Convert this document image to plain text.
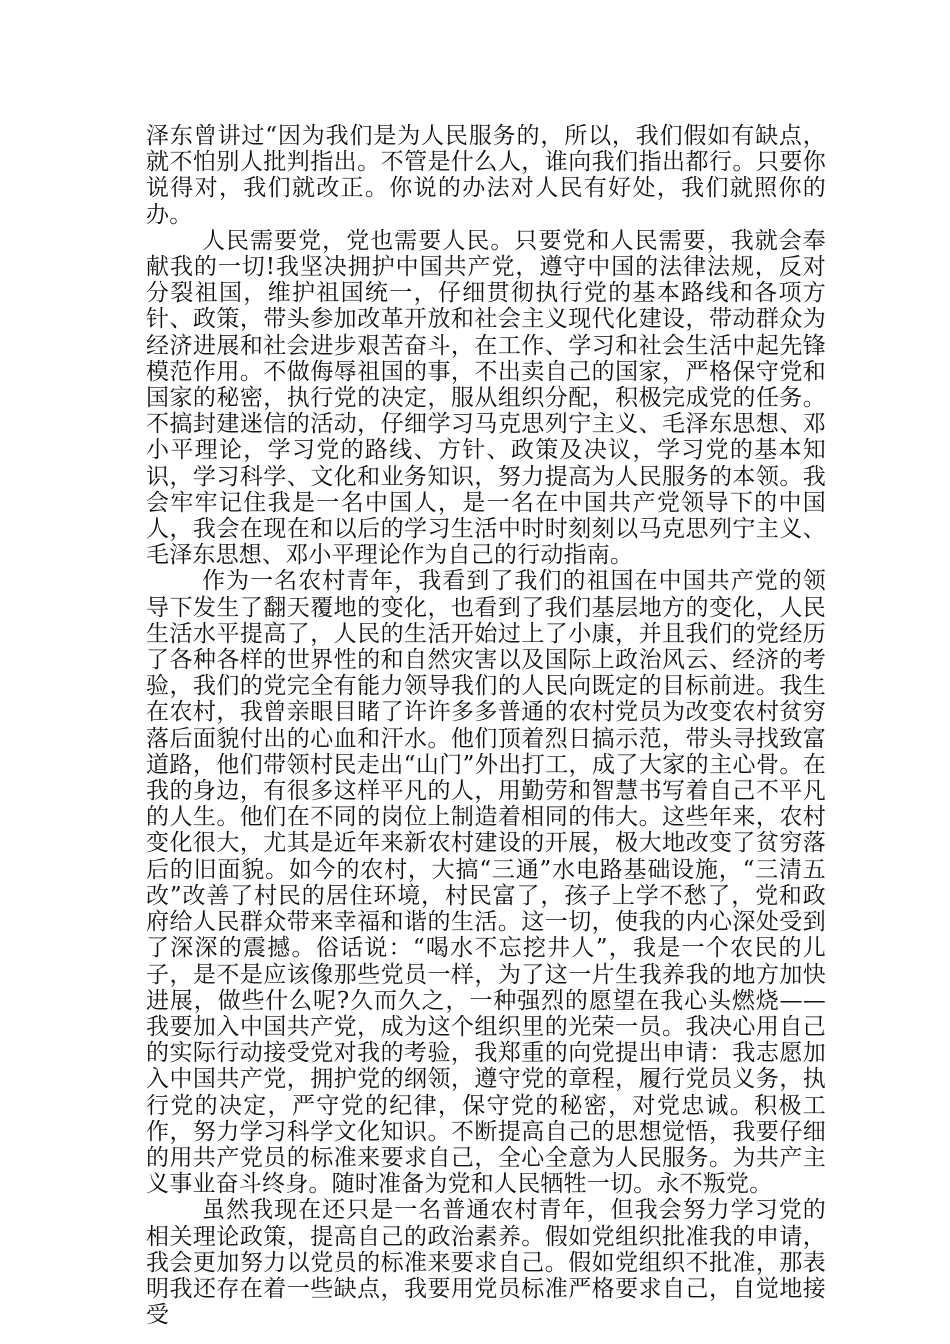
泽东曾讲过“因为我们是为人民服务的，所以，我们假如有缺点，就不怕别人批判指出。不管是什么人，谁向我们指出都行。只要你说得对，我们就改正。你说的办法对人民有好处，我们就照你的办。

人民需要党，党也需要人民。只要党和人民需要，我就会奉献我的一切!我坚决拥护中国共产党，遵守中国的法律法规，反对分裂祖国，维护祖国统一，仔细贯彻执行党的基本路线和各项方针、政策，带头参加改革开放和社会主义现代化建设，带动群众为经济进展和社会进步艰苦奋斗，在工作、学习和社会生活中起先锋模范作用。不做侮辱祖国的事，不出卖自己的国家，严格保守党和国家的秘密，执行党的决定，服从组织分配，积极完成党的任务。不搞封建迷信的活动，仔细学习马克思列宁主义、毛泽东思想、邓小平理论，学习党的路线、方针、政策及决议，学习党的基本知识，学习科学、文化和业务知识，努力提高为人民服务的本领。我会牢牢记住我是一名中国人，是一名在中国共产党领导下的中国人，我会在现在和以后的学习生活中时时刻刻以马克思列宁主义、毛泽东思想、邓小平理论作为自己的行动指南。

作为一名农村青年，我看到了我们的祖国在中国共产党的领导下发生了翻天覆地的变化，也看到了我们基层地方的变化，人民生活水平提高了，人民的生活开始过上了小康，并且我们的党经历了各种各样的世界性的和自然灾害以及国际上政治风云、经济的考验，我们的党完全有能力领导我们的人民向既定的目标前进。我生在农村，我曾亲眼目睹了许许多多普通的农村党员为改变农村贫穷落后面貌付出的心血和汗水。他们顶着烈日搞示范，带头寻找致富道路，他们带领村民走出“山门”外出打工，成了大家的主心骨。在我的身边，有很多这样平凡的人，用勤劳和智慧书写着自己不平凡的人生。他们在不同的岗位上制造着相同的伟大。这些年来，农村变化很大，尤其是近年来新农村建设的开展，极大地改变了贫穷落后的旧面貌。如今的农村，大搞“三通”水电路基础设施，“三清五改”改善了村民的居住环境，村民富了，孩子上学不愁了，党和政府给人民群众带来幸福和谐的生活。这一切，使我的内心深处受到了深深的震撼。俗话说：“喝水不忘挖井人”，我是一个农民的儿子，是不是应该像那些党员一样，为了这一片生我养我的地方加快进展，做些什么呢?久而久之，一种强烈的愿望在我心头燃烧——我要加入中国共产党，成为这个组织里的光荣一员。我决心用自己的实际行动接受党对我的考验，我郑重的向党提出申请：我志愿加入中国共产党，拥护党的纲领，遵守党的章程，履行党员义务，执行党的决定，严守党的纪律，保守党的秘密，对党忠诚。积极工作，努力学习科学文化知识。不断提高自己的思想觉悟，我要仔细的用共产党员的标准来要求自己，全心全意为人民服务。为共产主义事业奋斗终身。随时准备为党和人民牺牲一切。永不叛党。

虽然我现在还只是一名普通农村青年，但我会努力学习党的相关理论政策，提高自己的政治素养。假如党组织批准我的申请，我会更加努力以党员的标准来要求自己。假如党组织不批准，那表明我还存在着一些缺点，我要用党员标准严格要求自己，自觉地接受
